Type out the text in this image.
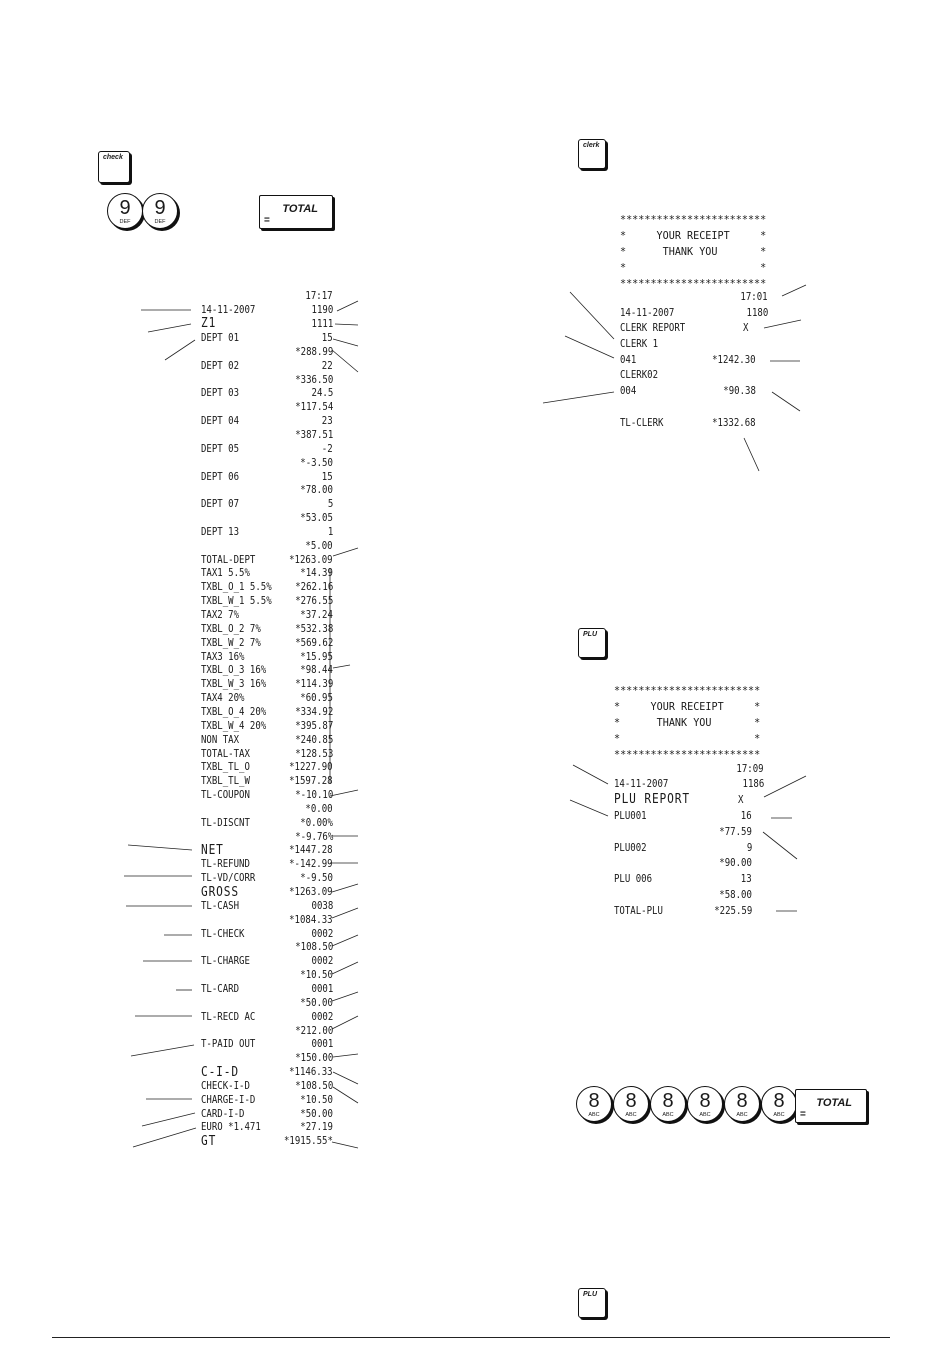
check
9
DEF
9
DEF
TOTAL
=
17:17
14-11-2007	1190
Z1	1111
DEPT 01	15
*288.99
DEPT 02	22
*336.50
DEPT 03	24.5
*117.54
DEPT 04	23
*387.51
DEPT 05	-2
*-3.50
DEPT 06	15
*78.00
DEPT 07	5
*53.05
DEPT 13	1
*5.00
TOTAL-DEPT	*1263.09
TAX1 5.5%	*14.39
TXBL_O_1 5.5% *262.16
TXBL_W_1 5.5% *276.55
TAX2 7%	*37.24
TXBL_O_2 7%	*532.38
TXBL_W_2 7%	*569.62
TAX3 16%	*15.95
TXBL_O_3 16%	*98.44
TXBL_W_3 16%	*114.39
TAX4 20%	*60.95
TXBL_O_4 20%	*334.92
TXBL_W_4 20%	*395.87
NON TAX	*240.85
TOTAL-TAX	*128.53
TXBL_TL_O	*1227.90
TXBL_TL_W	*1597.28
TL-COUPON	*-10.10
*0.00
TL-DISCNT	*0.00%
*-9.76%
NET	*1447.28
TL-REFUND	*-142.99
TL-VD/CORR	*-9.50
GROSS	*1263.09
TL-CASH	0038
*1084.33
TL-CHECK	0002
*108.50
TL-CHARGE	0002
*10.50
TL-CARD	0001
*50.00
TL-RECD AC	0002
*212.00
T-PAID OUT	0001
*150.00
C-I-D	*1146.33
CHECK-I-D	*108.50
CHARGE-I-D	*10.50
CARD-I-D	*50.00
EURO *1.471	*27.19
GT	*1915.55*
clerk
************************
*     YOUR RECEIPT     *
*      THANK YOU       *
*                      *
************************
17:01
14-11-2007	1180
CLERK REPORT	X
CLERK 1
041	*1242.30
CLERK02
004	*90.38
TL-CLERK	*1332.68
PLU
************************
*     YOUR RECEIPT     *
*      THANK YOU       *
*                      *
************************
17:09
14-11-2007	1186
PLU REPORT	X
PLU001	16
*77.59
PLU002	9
*90.00
PLU 006	13
*58.00
TOTAL-PLU	*225.59
8
ABC
8
ABC
8
ABC
8
ABC
8
ABC
8
ABC
TOTAL
=
PLU
